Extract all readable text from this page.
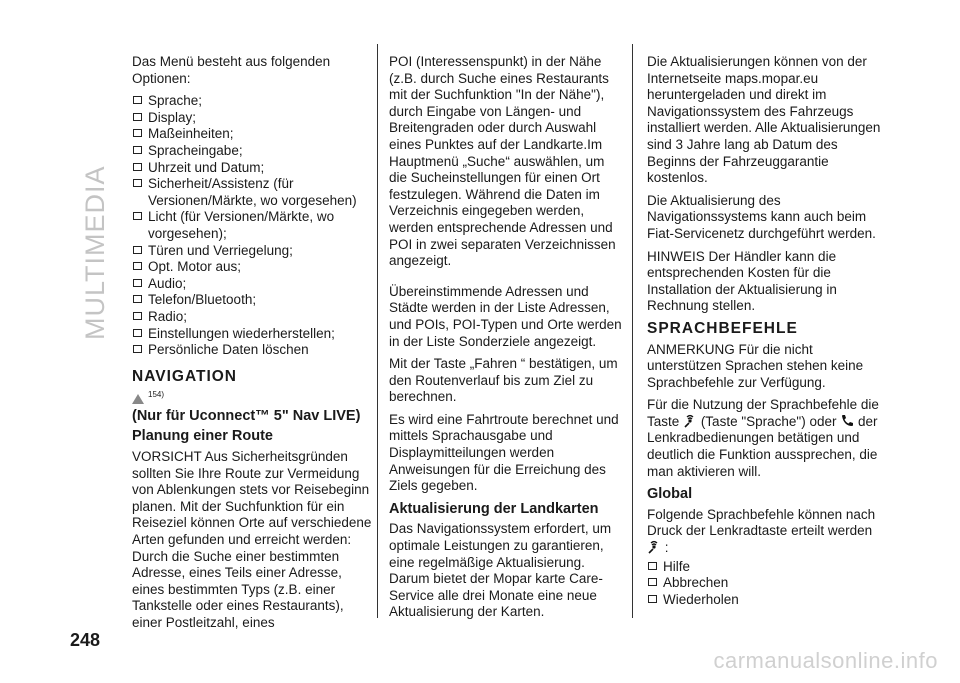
MULTIMEDIA

Das Menü besteht aus folgenden Optionen:

Sprache;
Display;
Maßeinheiten;
Spracheingabe;
Uhrzeit und Datum;
Sicherheit/Assistenz (für Versionen/Märkte, wo vorgesehen)
Licht (für Versionen/Märkte, wo vorgesehen);
Türen und Verriegelung;
Opt. Motor aus;
Audio;
Telefon/Bluetooth;
Radio;
Einstellungen wiederherstellen;
Persönliche Daten löschen
NAVIGATION
154)
(Nur für Uconnect™ 5" Nav LIVE)
Planung einer Route

VORSICHT Aus Sicherheitsgründen sollten Sie Ihre Route zur Vermeidung von Ablenkungen stets vor Reisebeginn planen. Mit der Suchfunktion für ein Reiseziel können Orte auf verschiedene Arten gefunden und erreicht werden: Durch die Suche einer bestimmten Adresse, eines Teils einer Adresse, eines bestimmten Typs (z.B. einer Tankstelle oder eines Restaurants), einer Postleitzahl, eines

POI (Interessenspunkt) in der Nähe (z.B. durch Suche eines Restaurants mit der Suchfunktion "In der Nähe"), durch Eingabe von Längen- und Breitengraden oder durch Auswahl eines Punktes auf der Landkarte.Im Hauptmenü „Suche“ auswählen, um die Sucheinstellungen für einen Ort festzulegen. Während die Daten im Verzeichnis eingegeben werden, werden entsprechende Adressen und POI in zwei separaten Verzeichnissen angezeigt.

Übereinstimmende Adressen und Städte werden in der Liste Adressen, und POIs, POI-Typen und Orte werden in der Liste Sonderziele angezeigt.

Mit der Taste „Fahren “ bestätigen, um den Routenverlauf bis zum Ziel zu berechnen.

Es wird eine Fahrtroute berechnet und mittels Sprachausgabe und Displaymitteilungen werden Anweisungen für die Erreichung des Ziels gegeben.

Aktualisierung der Landkarten

Das Navigationssystem erfordert, um optimale Leistungen zu garantieren, eine regelmäßige Aktualisierung. Darum bietet der Mopar karte Care-Service alle drei Monate eine neue Aktualisierung der Karten.

Die Aktualisierungen können von der Internetseite maps.mopar.eu heruntergeladen und direkt im Navigationssystem des Fahrzeugs installiert werden. Alle Aktualisierungen sind 3 Jahre lang ab Datum des Beginns der Fahrzeuggarantie kostenlos.

Die Aktualisierung des Navigationssystems kann auch beim Fiat-Servicenetz durchgeführt werden.

HINWEIS Der Händler kann die entsprechenden Kosten für die Installation der Aktualisierung in Rechnung stellen.

SPRACHBEFEHLE

ANMERKUNG Für die nicht unterstützen Sprachen stehen keine Sprachbefehle zur Verfügung.

Für die Nutzung der Sprachbefehle die Taste (Taste "Sprache") oder der Lenkradbedienungen betätigen und deutlich die Funktion aussprechen, die man aktivieren will.

Global

Folgende Sprachbefehle können nach Druck der Lenkradtaste erteilt werden
:

Hilfe
Abbrechen
Wiederholen
248
carmanualsonline.info
